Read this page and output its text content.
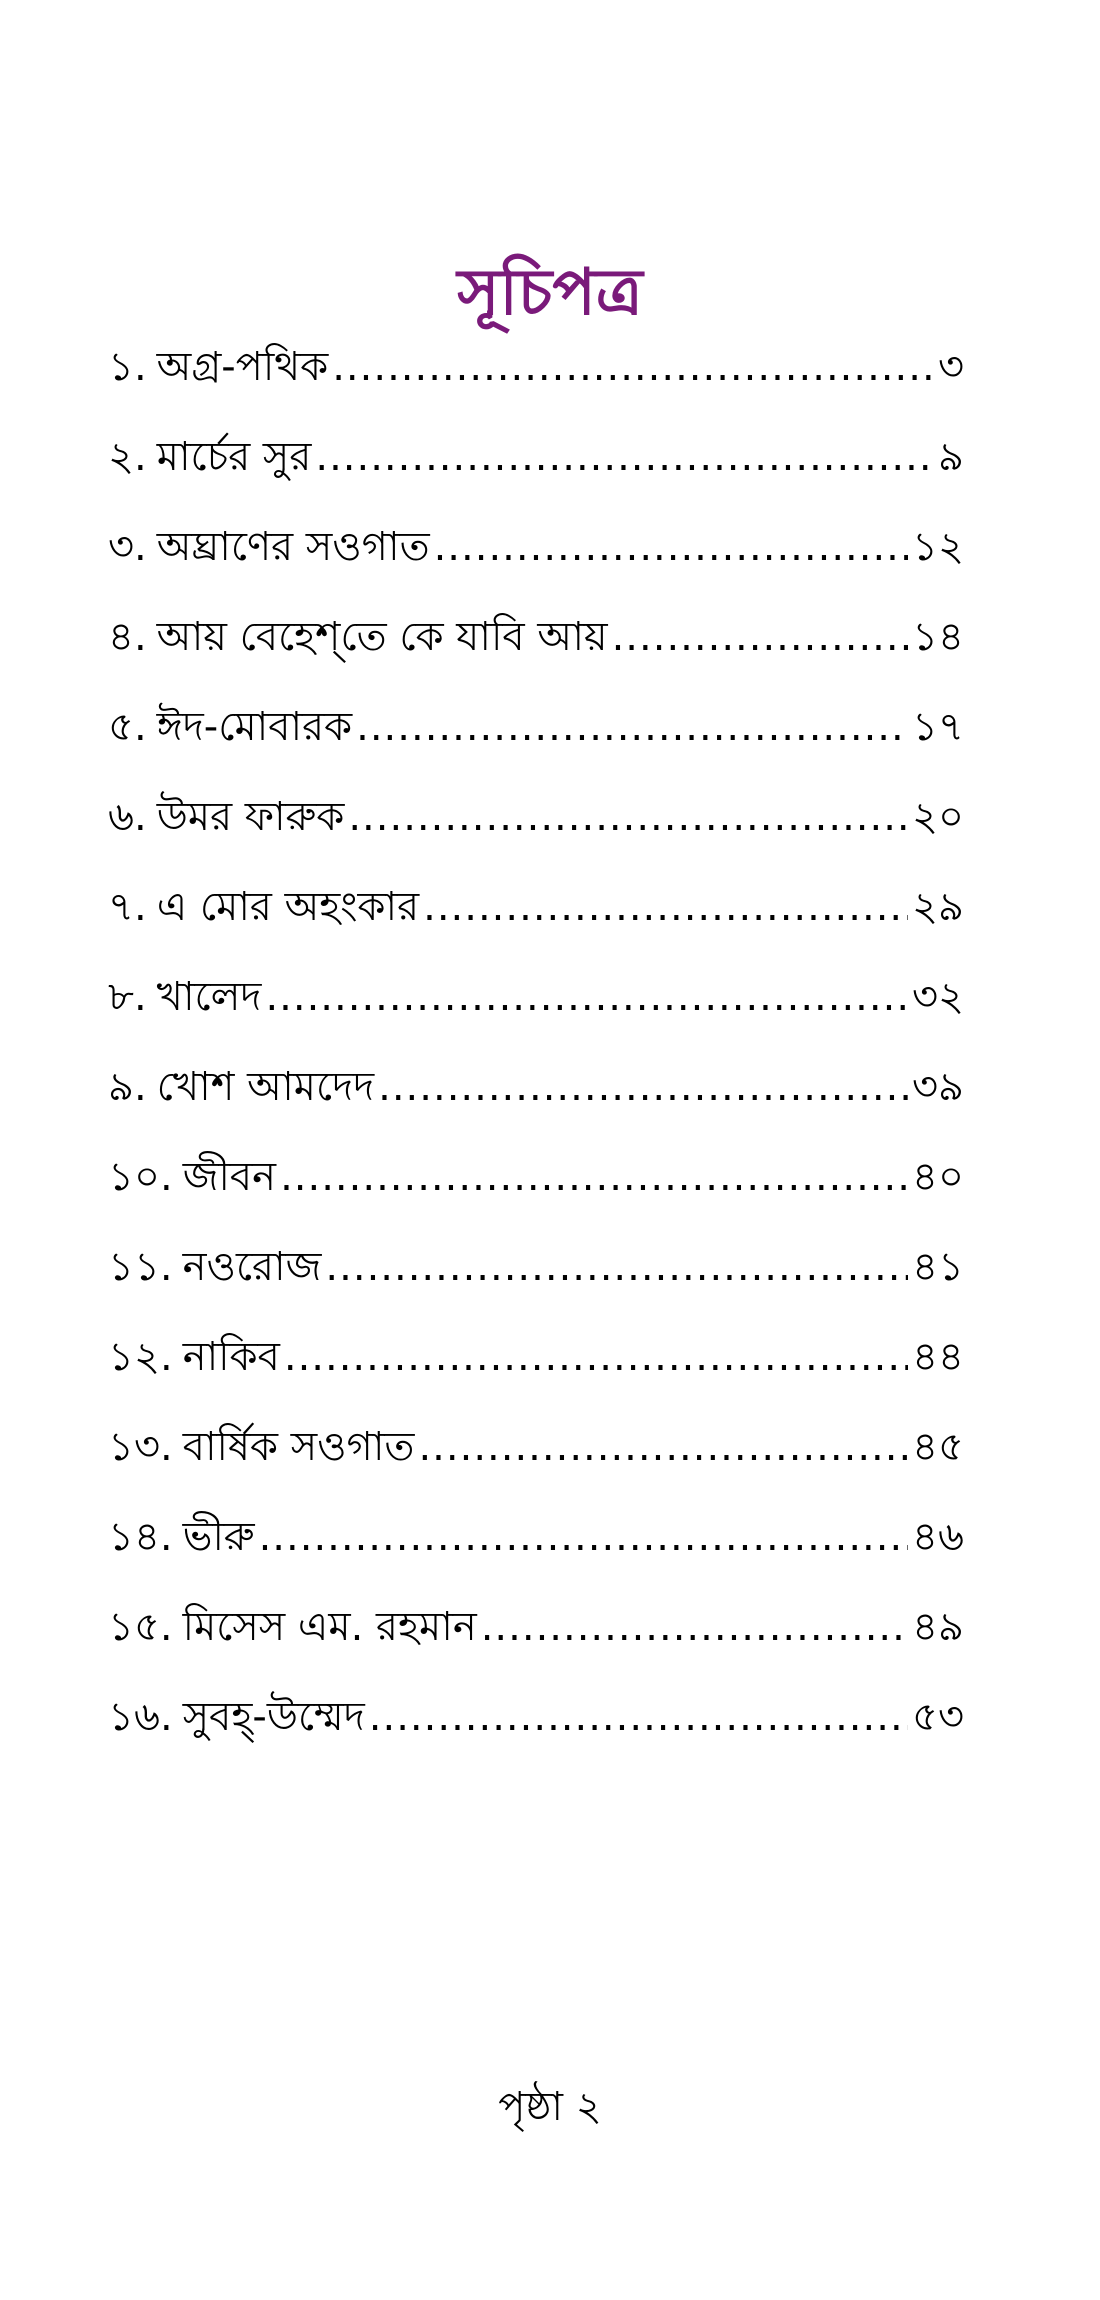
সূচিপত্র
১. অগ্র-পথিক .....	৩
২. মার্চের সুর .....	৯
৩. অঘ্রাণের সওগাত .....	১২
৪. আয় বেহেশ্‌তে কে যাবি আয় .....	১৪
৫. ঈদ-মোবারক .....	১৭
৬. উমর ফারুক .....	২০
৭. এ মোর অহংকার .....	২৯
৮. খালেদ .....	৩২
৯. খোশ আমদেদ .....	৩৯
১০. জীবন .....	৪০
১১. নওরোজ .....	৪১
১২. নাকিব .....	৪৪
১৩. বার্ষিক সওগাত .....	৪৫
১৪. ভীরু .....	৪৬
১৫. মিসেস এম. রহমান .....	৪৯
১৬. সুবহ্‌-উম্মেদ .....	৫৩
পৃষ্ঠা ২
